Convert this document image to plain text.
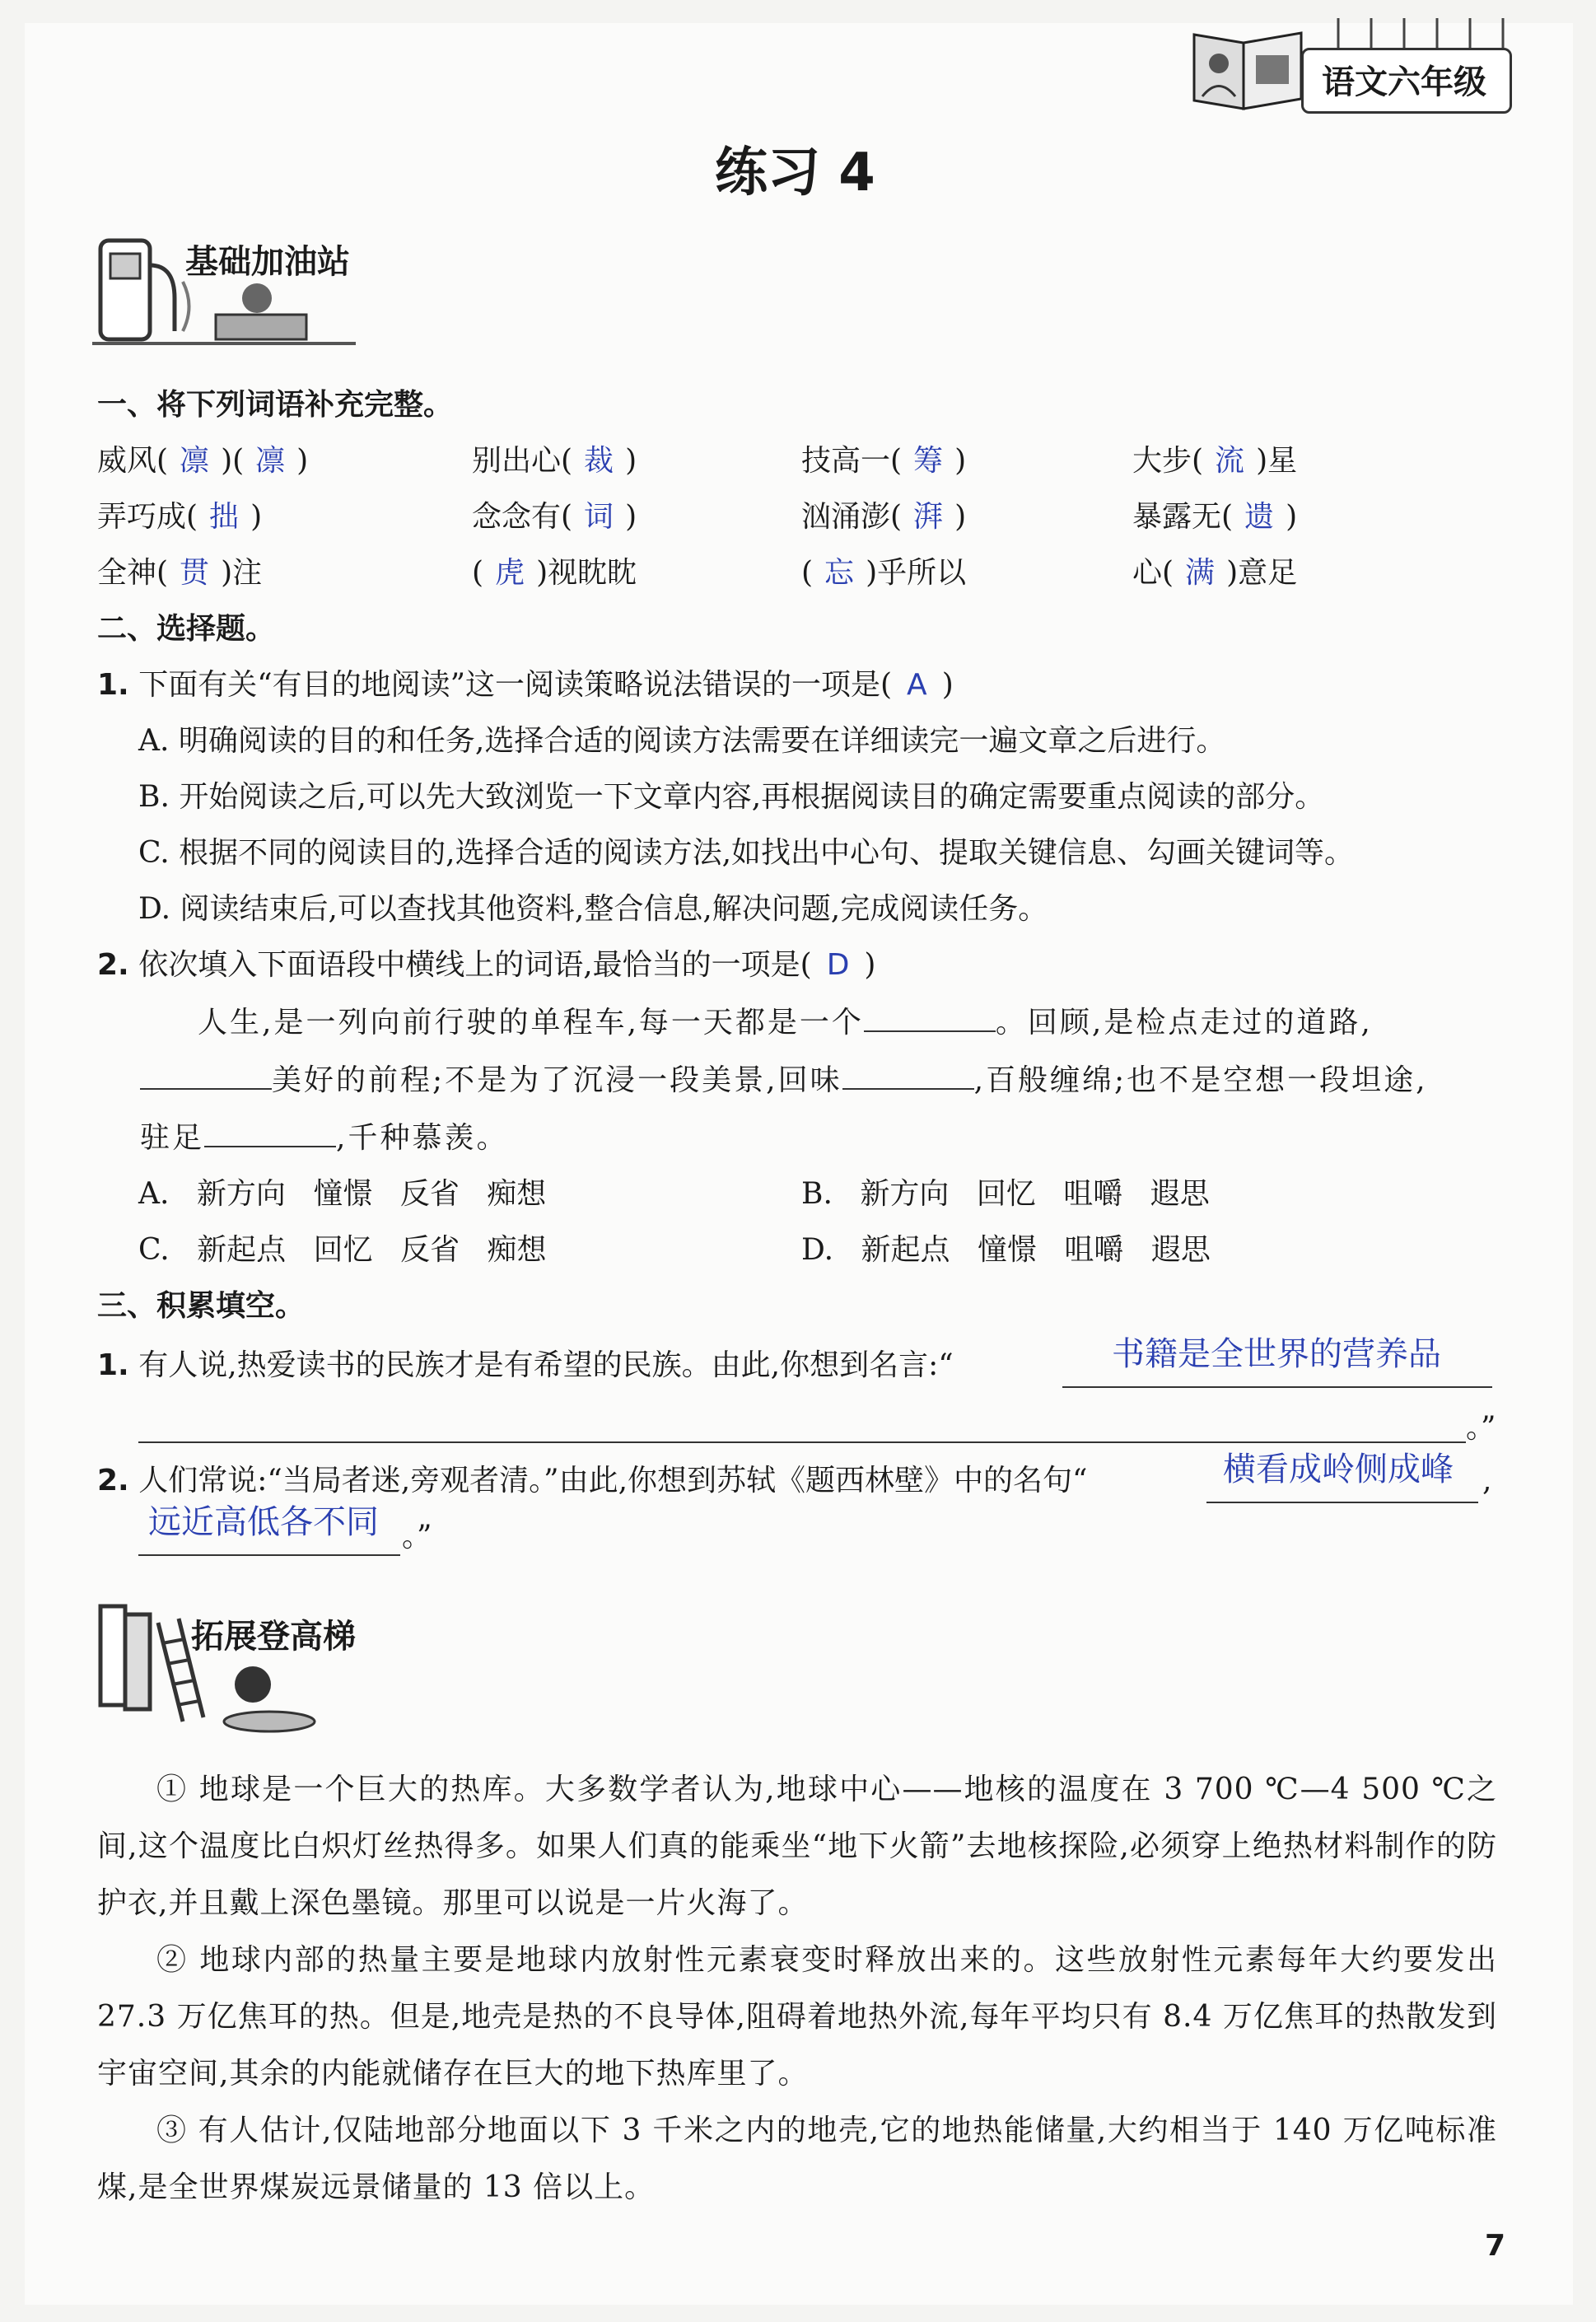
语文六年级
练习 4
基础加油站
一、将下列词语补充完整。
威风( 凛 )( 凛 )	别出心( 裁 )	技高一( 筹 )	大步( 流 )星
弄巧成( 拙 )	念念有( 词 )	汹涌澎( 湃 )	暴露无( 遗 )
全神( 贯 )注	( 虎 )视眈眈	( 忘 )乎所以	心( 满 )意足
二、选择题。
1. 下面有关“有目的地阅读”这一阅读策略说法错误的一项是( A )
A. 明确阅读的目的和任务,选择合适的阅读方法需要在详细读完一遍文章之后进行。
B. 开始阅读之后,可以先大致浏览一下文章内容,再根据阅读目的确定需要重点阅读的部分。
C. 根据不同的阅读目的,选择合适的阅读方法,如找出中心句、提取关键信息、勾画关键词等。
D. 阅读结束后,可以查找其他资料,整合信息,解决问题,完成阅读任务。
2. 依次填入下面语段中横线上的词语,最恰当的一项是( D )
人生,是一列向前行驶的单程车,每一天都是一个	。回顾,是检点走过的道路,
美好的前程;不是为了沉浸一段美景,回味	,百般缠绵;也不是空想一段坦途,
驻足	,千种慕羡。
A. 新方向 憧憬 反省 痴想	B. 新方向 回忆 咀嚼 遐思
C. 新起点 回忆 反省 痴想	D. 新起点 憧憬 咀嚼 遐思
三、积累填空。
1. 有人说,热爱读书的民族才是有希望的民族。由此,你想到名言:“	书籍是全世界的营养品
。”
2. 人们常说:“当局者迷,旁观者清。”由此,你想到苏轼《题西林壁》中的名句“	横看成岭侧成峰 ,
远近高低各不同 。”
拓展登高梯
① 地球是一个巨大的热库。大多数学者认为,地球中心——地核的温度在 3 700 ℃—4 500 ℃之间,这个温度比白炽灯丝热得多。如果人们真的能乘坐“地下火箭”去地核探险,必须穿上绝热材料制作的防护衣,并且戴上深色墨镜。那里可以说是一片火海了。
② 地球内部的热量主要是地球内放射性元素衰变时释放出来的。这些放射性元素每年大约要发出 27.3 万亿焦耳的热。但是,地壳是热的不良导体,阻碍着地热外流,每年平均只有 8.4 万亿焦耳的热散发到宇宙空间,其余的内能就储存在巨大的地下热库里了。
③ 有人估计,仅陆地部分地面以下 3 千米之内的地壳,它的地热能储量,大约相当于 140 万亿吨标准煤,是全世界煤炭远景储量的 13 倍以上。
7
